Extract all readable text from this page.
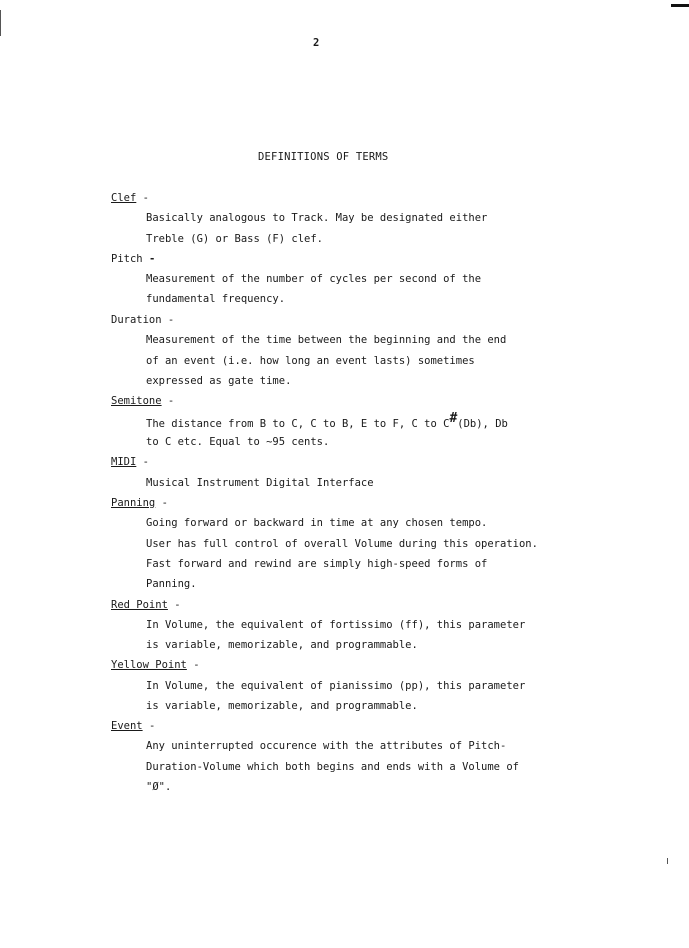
2
DEFINITIONS OF TERMS
Clef -
Basically analogous to Track. May be designated either
Treble (G) or Bass (F) clef.
Pitch -
Measurement of the number of cycles per second of the
fundamental frequency.
Duration -
Measurement of the time between the beginning and the end
of an event (i.e. how long an event lasts) sometimes
expressed as gate time.
Semitone -
The distance from B to C, C to B, E to F, C to C#(Db), Db
to C etc. Equal to ~95 cents.
MIDI -
Musical Instrument Digital Interface
Panning -
Going forward or backward in time at any chosen tempo.
User has full control of overall Volume during this operation.
Fast forward and rewind are simply high-speed forms of
Panning.
Red Point -
In Volume, the equivalent of fortissimo (ff), this parameter
is variable, memorizable, and programmable.
Yellow Point -
In Volume, the equivalent of pianissimo (pp), this parameter
is variable, memorizable, and programmable.
Event -
Any uninterrupted occurence with the attributes of Pitch-
Duration-Volume which both begins and ends with a Volume of
"Ø".
